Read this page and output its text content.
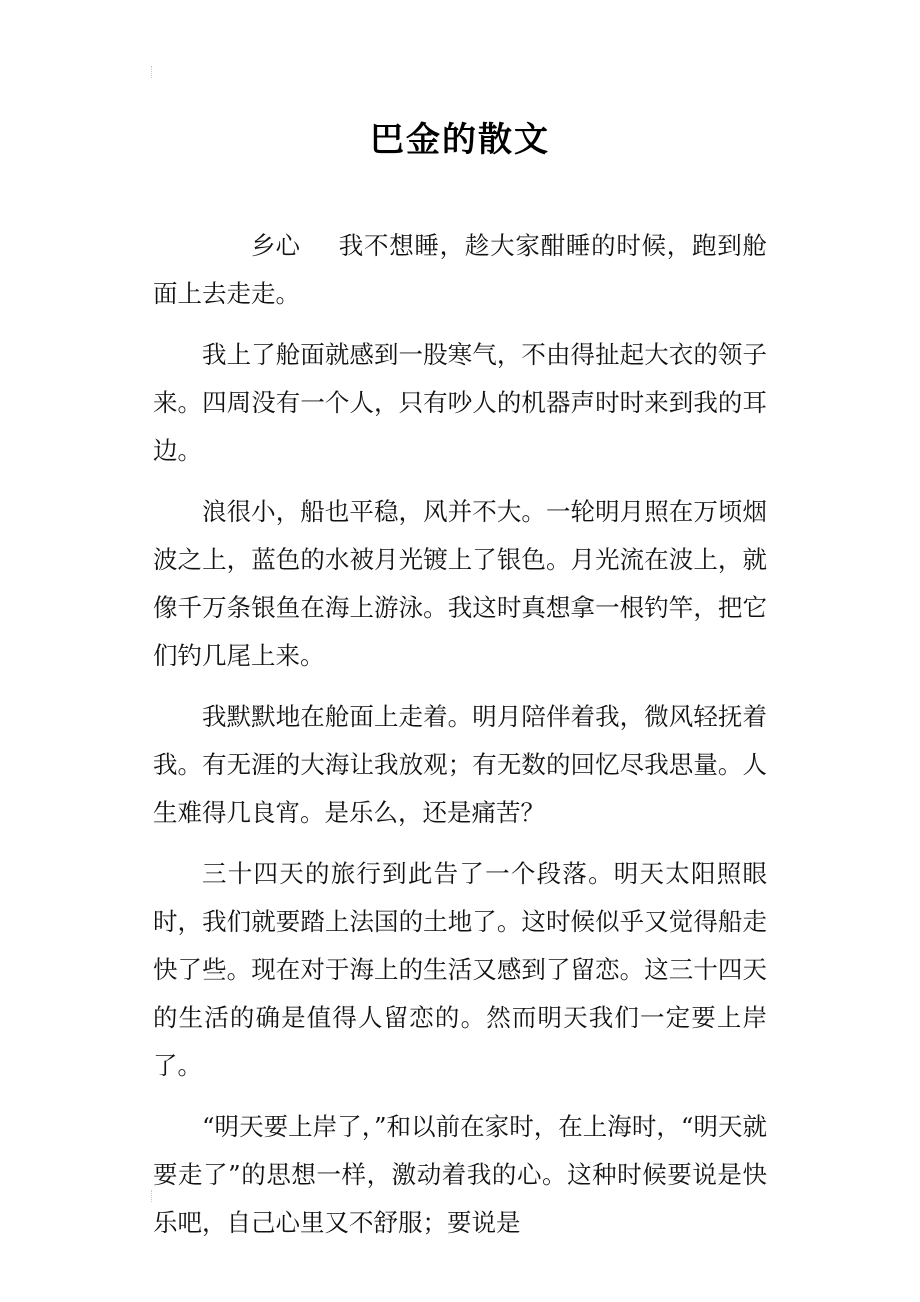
巴金的散文

乡心 我不想睡，趁大家酣睡的时候，跑到舱面上去走走。

我上了舱面就感到一股寒气，不由得扯起大衣的领子来。四周没有一个人，只有吵人的机器声时时来到我的耳边。

浪很小，船也平稳，风并不大。一轮明月照在万顷烟波之上，蓝色的水被月光镀上了银色。月光流在波上，就像千万条银鱼在海上游泳。我这时真想拿一根钓竿，把它们钓几尾上来。

我默默地在舱面上走着。明月陪伴着我，微风轻抚着我。有无涯的大海让我放观；有无数的回忆尽我思量。人生难得几良宵。是乐么，还是痛苦？

三十四天的旅行到此告了一个段落。明天太阳照眼时，我们就要踏上法国的土地了。这时候似乎又觉得船走快了些。现在对于海上的生活又感到了留恋。这三十四天的生活的确是值得人留恋的。然而明天我们一定要上岸了。

“明天要上岸了，”和以前在家时，在上海时，“明天就要走了”的思想一样，激动着我的心。这种时候要说是快乐吧，自己心里又不舒服；要说是
